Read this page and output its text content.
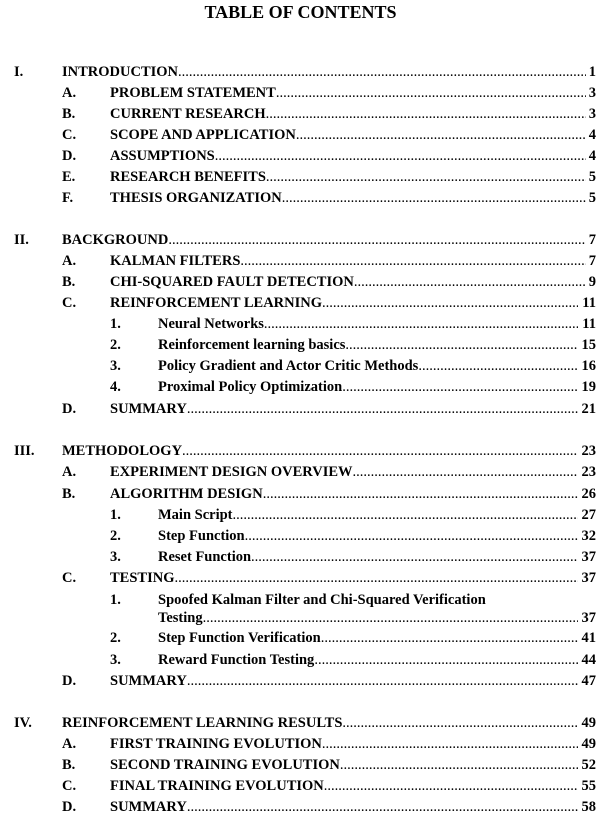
TABLE OF CONTENTS
I.	INTRODUCTION .....	1
A. PROBLEM STATEMENT .....	3
B. CURRENT RESEARCH .....	3
C. SCOPE AND APPLICATION .....	4
D. ASSUMPTIONS .....	4
E. RESEARCH BENEFITS .....	5
F.	THESIS ORGANIZATION .....	5
II. BACKGROUND .....	7
A. KALMAN FILTERS .....	7
B. CHI-SQUARED FAULT DETECTION .....	9
C. REINFORCEMENT LEARNING .....	11
1.	Neural Networks .....	11
2.	Reinforcement learning basics .....	15
3.	Policy Gradient and Actor Critic Methods .....	16
4.	Proximal Policy Optimization .....	19
D. SUMMARY .....	21
III. METHODOLOGY .....	23
A. EXPERIMENT DESIGN OVERVIEW .....	23
B. ALGORITHM DESIGN .....	26
1.	Main Script .....	27
2.	Step Function .....	32
3.	Reset Function .....	37
C. TESTING .....	37
1.	Spoofed Kalman Filter and Chi-Squared Verification
Testing .....	37
2.	Step Function Verification .....	41
3.	Reward Function Testing .....	44
D. SUMMARY .....	47
IV. REINFORCEMENT LEARNING RESULTS .....	49
A. FIRST TRAINING EVOLUTION .....	49
B. SECOND TRAINING EVOLUTION .....	52
C. FINAL TRAINING EVOLUTION .....	55
D. SUMMARY .....	58
